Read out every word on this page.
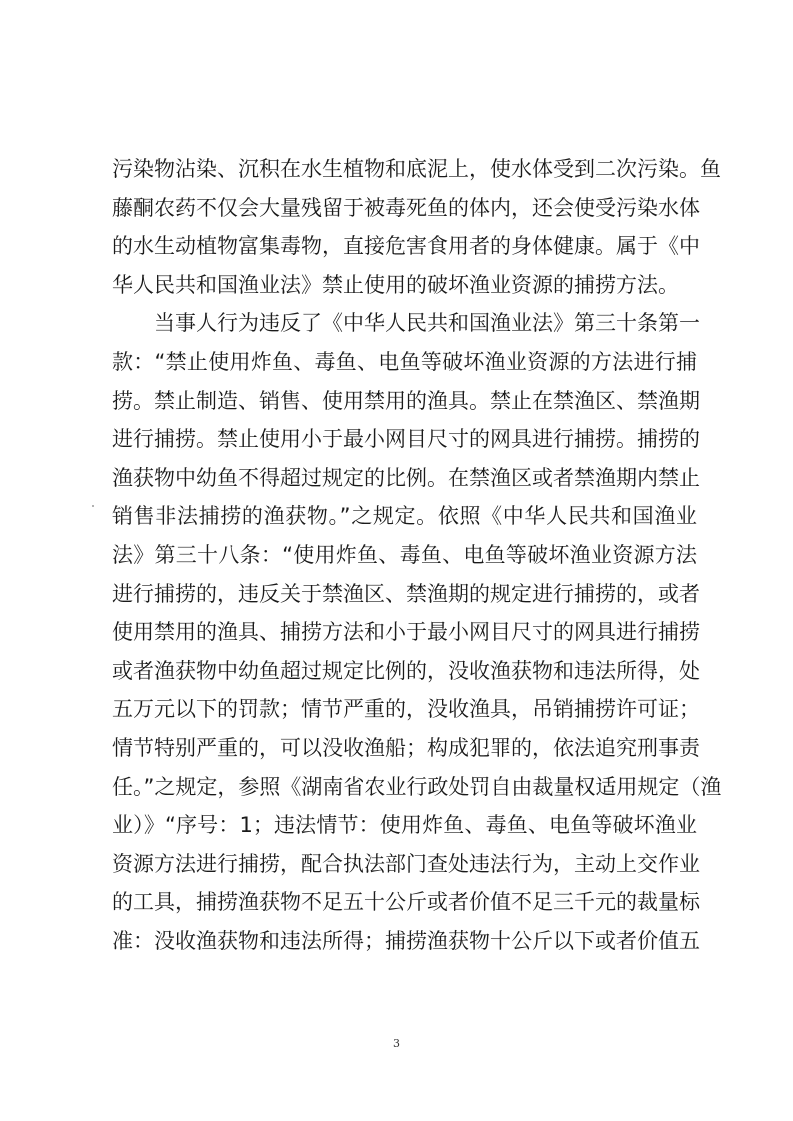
污染物沾染、沉积在水生植物和底泥上，使水体受到二次污染。鱼
藤酮农药不仅会大量残留于被毒死鱼的体内，还会使受污染水体
的水生动植物富集毒物，直接危害食用者的身体健康。属于《中
华人民共和国渔业法》禁止使用的破坏渔业资源的捕捞方法。
　　当事人行为违反了《中华人民共和国渔业法》第三十条第一
款：“禁止使用炸鱼、毒鱼、电鱼等破坏渔业资源的方法进行捕
捞。禁止制造、销售、使用禁用的渔具。禁止在禁渔区、禁渔期
进行捕捞。禁止使用小于最小网目尺寸的网具进行捕捞。捕捞的
渔获物中幼鱼不得超过规定的比例。在禁渔区或者禁渔期内禁止
销售非法捕捞的渔获物。”之规定。依照《中华人民共和国渔业
法》第三十八条：“使用炸鱼、毒鱼、电鱼等破坏渔业资源方法
进行捕捞的，违反关于禁渔区、禁渔期的规定进行捕捞的，或者
使用禁用的渔具、捕捞方法和小于最小网目尺寸的网具进行捕捞
或者渔获物中幼鱼超过规定比例的，没收渔获物和违法所得，处
五万元以下的罚款；情节严重的，没收渔具，吊销捕捞许可证；
情节特别严重的，可以没收渔船；构成犯罪的，依法追究刑事责
任。”之规定，参照《湖南省农业行政处罚自由裁量权适用规定（渔
业）》“序号：1；违法情节：使用炸鱼、毒鱼、电鱼等破坏渔业
资源方法进行捕捞，配合执法部门查处违法行为，主动上交作业
的工具，捕捞渔获物不足五十公斤或者价值不足三千元的裁量标
准：没收渔获物和违法所得；捕捞渔获物十公斤以下或者价值五
3
